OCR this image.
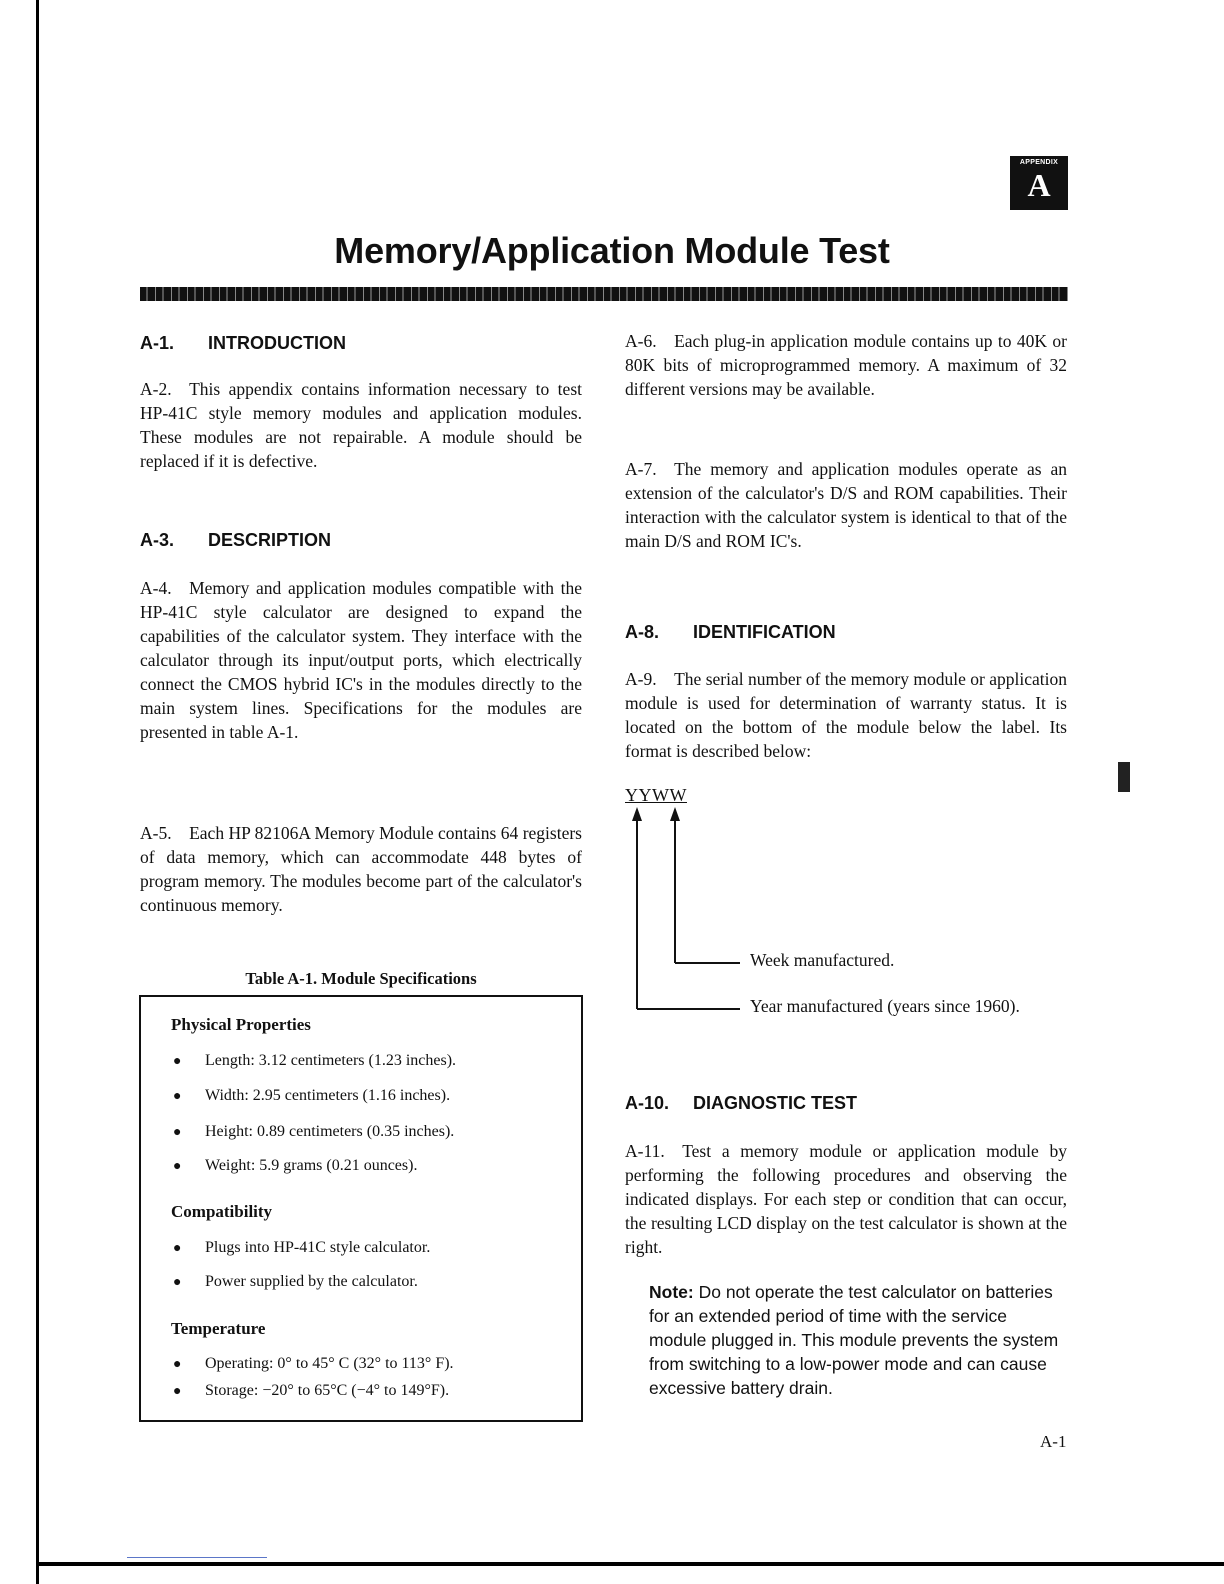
APPENDIX
A
Memory/Application Module Test
A-1. INTRODUCTION
A-2. This appendix contains information necessary to test HP-41C style memory modules and application modules. These modules are not repairable. A module should be replaced if it is defective.
A-3. DESCRIPTION
A-4. Memory and application modules compatible with the HP-41C style calculator are designed to expand the capabilities of the calculator system. They interface with the calculator through its input/output ports, which electrically connect the CMOS hybrid IC's in the modules directly to the main system lines. Specifications for the modules are presented in table A-1.
A-5. Each HP 82106A Memory Module contains 64 registers of data memory, which can accommodate 448 bytes of program memory. The modules become part of the calculator's continuous memory.
Table A-1. Module Specifications
Physical Properties
● Length: 3.12 centimeters (1.23 inches).
● Width: 2.95 centimeters (1.16 inches).
● Height: 0.89 centimeters (0.35 inches).
● Weight: 5.9 grams (0.21 ounces).
Compatibility
● Plugs into HP-41C style calculator.
● Power supplied by the calculator.
Temperature
● Operating: 0° to 45° C (32° to 113° F).
● Storage: −20° to 65°C (−4° to 149°F).
A-6. Each plug-in application module contains up to 40K or 80K bits of microprogrammed memory. A maximum of 32 different versions may be available.
A-7. The memory and application modules operate as an extension of the calculator's D/S and ROM capabilities. Their interaction with the calculator system is identical to that of the main D/S and ROM IC's.
A-8. IDENTIFICATION
A-9. The serial number of the memory module or application module is used for determination of warranty status. It is located on the bottom of the module below the label. Its format is described below:
YYWW
Week manufactured.
Year manufactured (years since 1960).
A-10. DIAGNOSTIC TEST
A-11. Test a memory module or application module by performing the following procedures and observing the indicated displays. For each step or condition that can occur, the resulting LCD display on the test calculator is shown at the right.
Note: Do not operate the test calculator on batteries for an extended period of time with the service module plugged in. This module prevents the system from switching to a low-power mode and can cause excessive battery drain.
A-1
